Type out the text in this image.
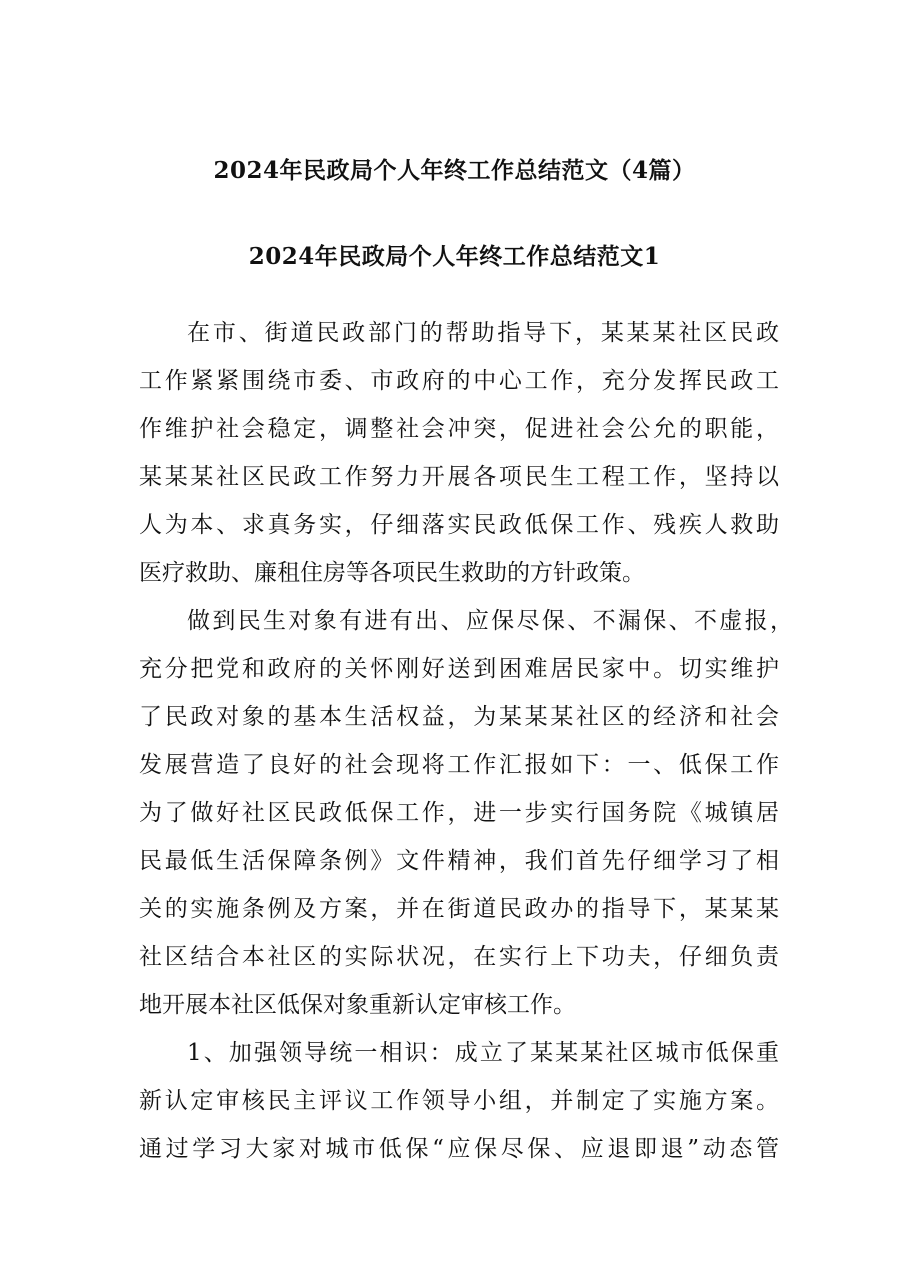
2024年民政局个人年终工作总结范文（4篇）
2024年民政局个人年终工作总结范文1
在市、街道民政部门的帮助指导下，某某某社区民政
工作紧紧围绕市委、市政府的中心工作，充分发挥民政工
作维护社会稳定，调整社会冲突，促进社会公允的职能，
某某某社区民政工作努力开展各项民生工程工作，坚持以
人为本、求真务实，仔细落实民政低保工作、残疾人救助
医疗救助、廉租住房等各项民生救助的方针政策。
做到民生对象有进有出、应保尽保、不漏保、不虚报，
充分把党和政府的关怀刚好送到困难居民家中。切实维护
了民政对象的基本生活权益，为某某某社区的经济和社会
发展营造了良好的社会现将工作汇报如下：一、低保工作
为了做好社区民政低保工作，进一步实行国务院《城镇居
民最低生活保障条例》文件精神，我们首先仔细学习了相
关的实施条例及方案，并在街道民政办的指导下，某某某
社区结合本社区的实际状况，在实行上下功夫，仔细负责
地开展本社区低保对象重新认定审核工作。
1、加强领导统一相识：成立了某某某社区城市低保重
新认定审核民主评议工作领导小组，并制定了实施方案。
通过学习大家对城市低保“应保尽保、应退即退”动态管
